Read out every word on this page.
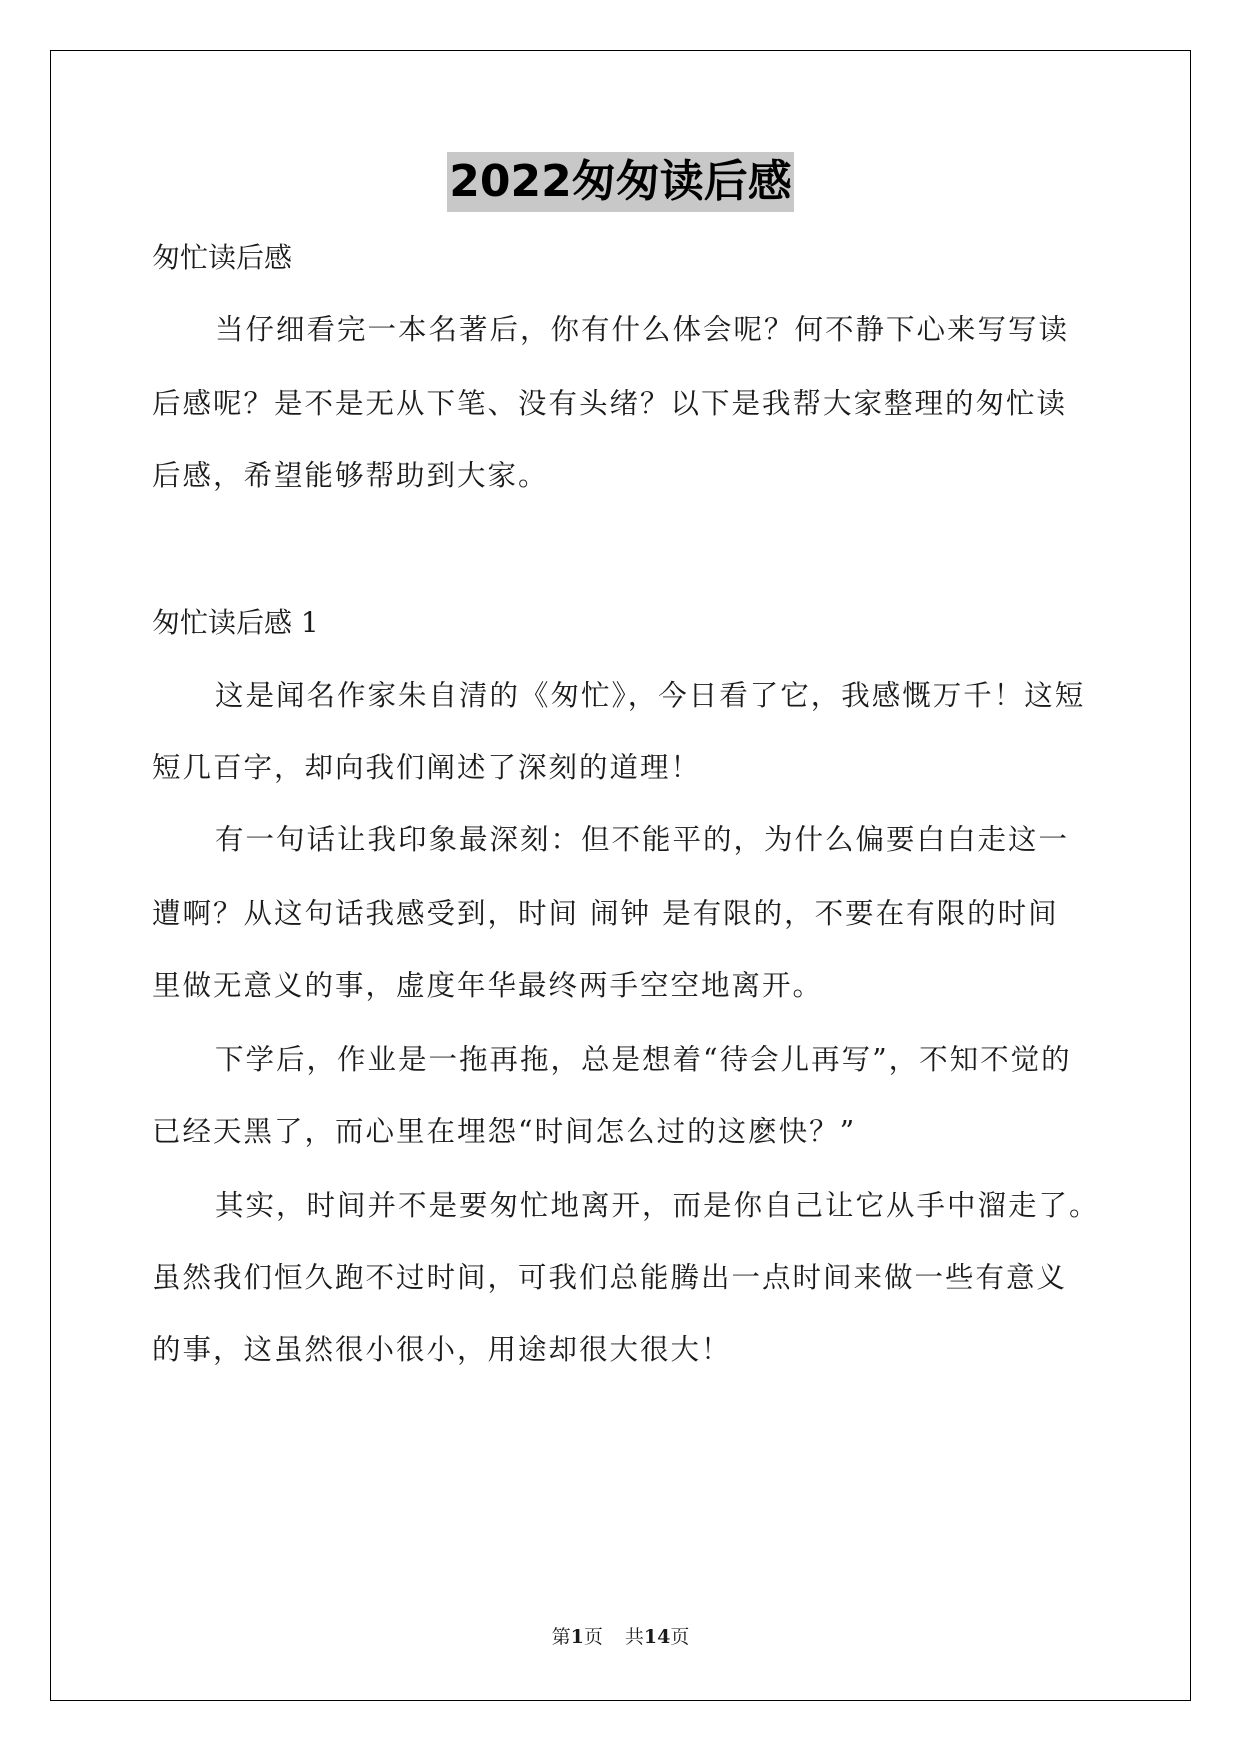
2022匆匆读后感
匆忙读后感
当仔细看完一本名著后，你有什么体会呢？何不静下心来写写读
后感呢？是不是无从下笔、没有头绪？以下是我帮大家整理的匆忙读
后感，希望能够帮助到大家。
匆忙读后感 1
这是闻名作家朱自清的《匆忙》，今日看了它，我感慨万千！这短
短几百字，却向我们阐述了深刻的道理！
有一句话让我印象最深刻：但不能平的，为什么偏要白白走这一
遭啊？从这句话我感受到，时间 闹钟 是有限的，不要在有限的时间
里做无意义的事，虚度年华最终两手空空地离开。
下学后，作业是一拖再拖，总是想着“待会儿再写”，不知不觉的
已经天黑了，而心里在埋怨“时间怎么过的这麽快？”
其实，时间并不是要匆忙地离开，而是你自己让它从手中溜走了。
虽然我们恒久跑不过时间，可我们总能腾出一点时间来做一些有意义
的事，这虽然很小很小，用途却很大很大！
第1页 共14页
